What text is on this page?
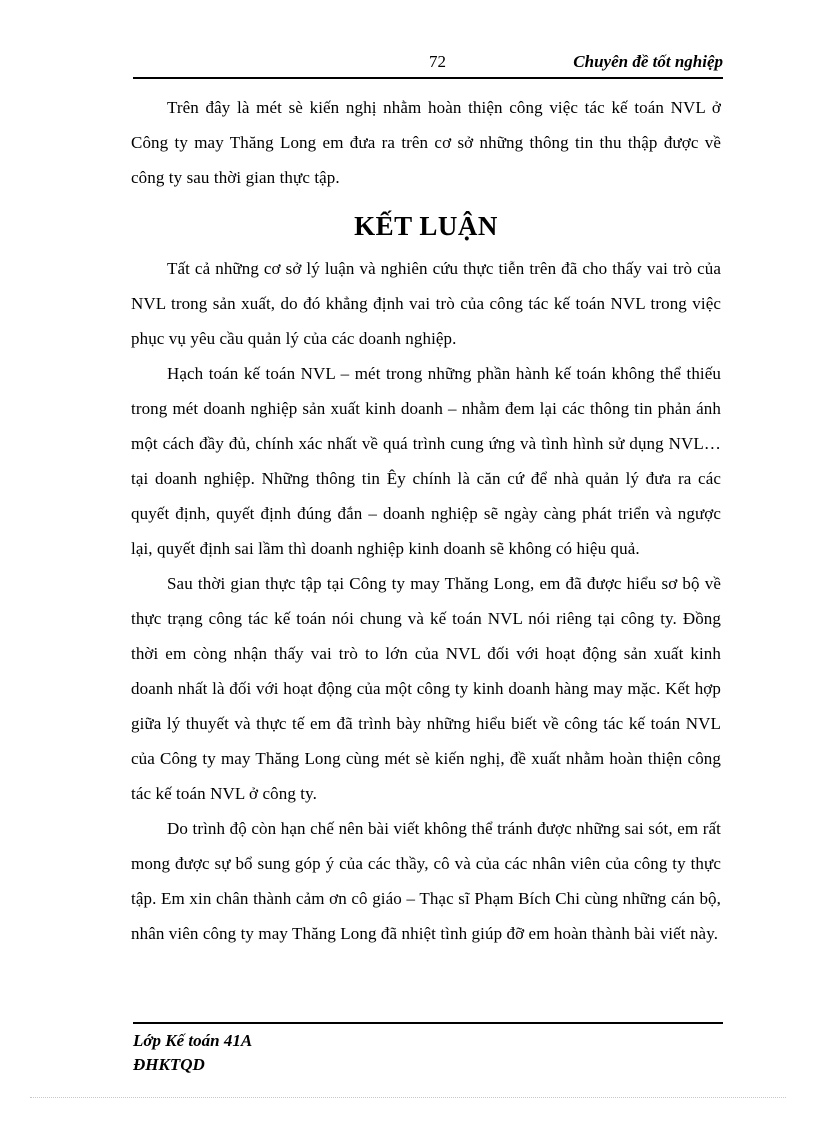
72	Chuyên đề tốt nghiệp

Trên đây là mét sè kiến nghị nhằm hoàn thiện công việc tác kế toán NVL ở Công ty may Thăng Long em đưa ra trên cơ sở những thông tin thu thập được về công ty sau thời gian thực tập.

KẾT LUẬN

Tất cả những cơ sở lý luận và nghiên cứu thực tiễn trên đã cho thấy vai trò của NVL trong sản xuất, do đó khẳng định vai trò của công tác kế toán NVL trong việc phục vụ yêu cầu quản lý của các doanh nghiệp.

Hạch toán kế toán NVL – mét trong những phần hành kế toán không thể thiếu trong mét doanh nghiệp sản xuất kinh doanh – nhằm đem lại các thông tin phản ánh một cách đầy đủ, chính xác nhất về quá trình cung ứng và tình hình sử dụng NVL… tại doanh nghiệp. Những thông tin Êy chính là căn cứ để nhà quản lý đưa ra các quyết định, quyết định đúng đắn – doanh nghiệp sẽ ngày càng phát triển và ngược lại, quyết định sai lầm thì doanh nghiệp kinh doanh sẽ không có hiệu quả.

Sau thời gian thực tập tại Công ty may Thăng Long, em đã được hiểu sơ bộ về thực trạng công tác kế toán nói chung và kế toán NVL nói riêng tại công ty. Đồng thời em còng nhận thấy vai trò to lớn của NVL đối với hoạt động sản xuất kinh doanh nhất là đối với hoạt động của một công ty kinh doanh hàng may mặc. Kết hợp giữa lý thuyết và thực tế em đã trình bày những hiểu biết về công tác kế toán NVL của Công ty may Thăng Long cùng mét sè kiến nghị, đề xuất nhằm hoàn thiện công tác kế toán NVL ở công ty.

Do trình độ còn hạn chế nên bài viết không thể tránh được những sai sót, em rất mong được sự bổ sung góp ý của các thầy, cô và của các nhân viên của công ty thực tập. Em xin chân thành cảm ơn cô giáo – Thạc sĩ Phạm Bích Chi cùng những cán bộ, nhân viên công ty may Thăng Long đã nhiệt tình giúp đỡ em hoàn thành bài viết này.

Lớp Kế toán 41A
ĐHKTQD
